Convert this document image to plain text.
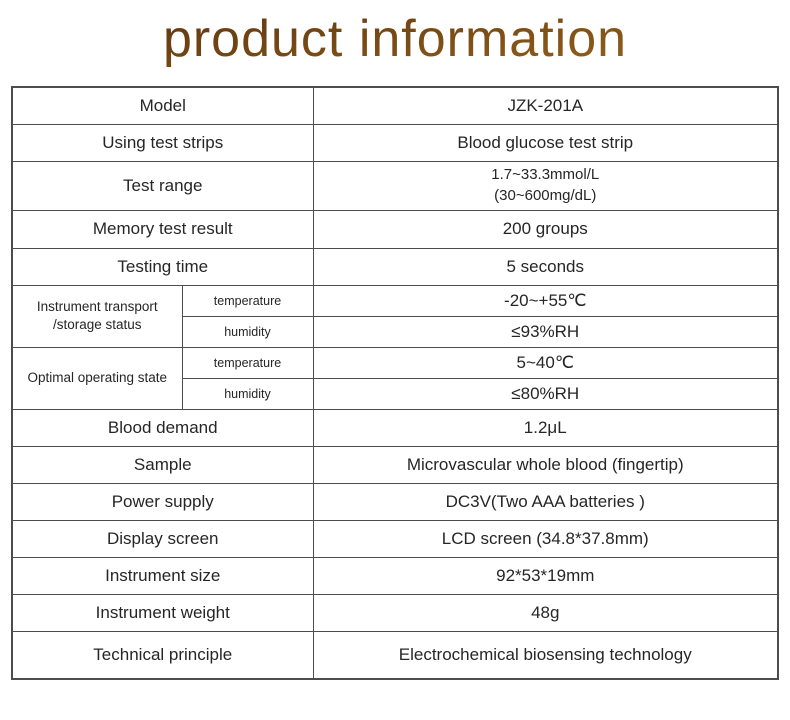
product information
Model		JZK-201A
Using test strips		Blood glucose test strip
Test range		1.7~33.3mmol/L
(30~600mg/dL)

Memory test result		200 groups
Testing time		5 seconds

Instrument transport
/storage status	temperature	-20~+55℃
	humidity	≤93%RH

Optimal operating state	temperature	5~40℃
	humidity	≤80%RH
Blood demand		1.2μL
Sample		Microvascular whole blood (fingertip)
Power supply		DC3V(Two AAA batteries )
Display screen		LCD screen (34.8*37.8mm)
Instrument size		92*53*19mm
Instrument weight		48g
Technical principle		Electrochemical biosensing technology
